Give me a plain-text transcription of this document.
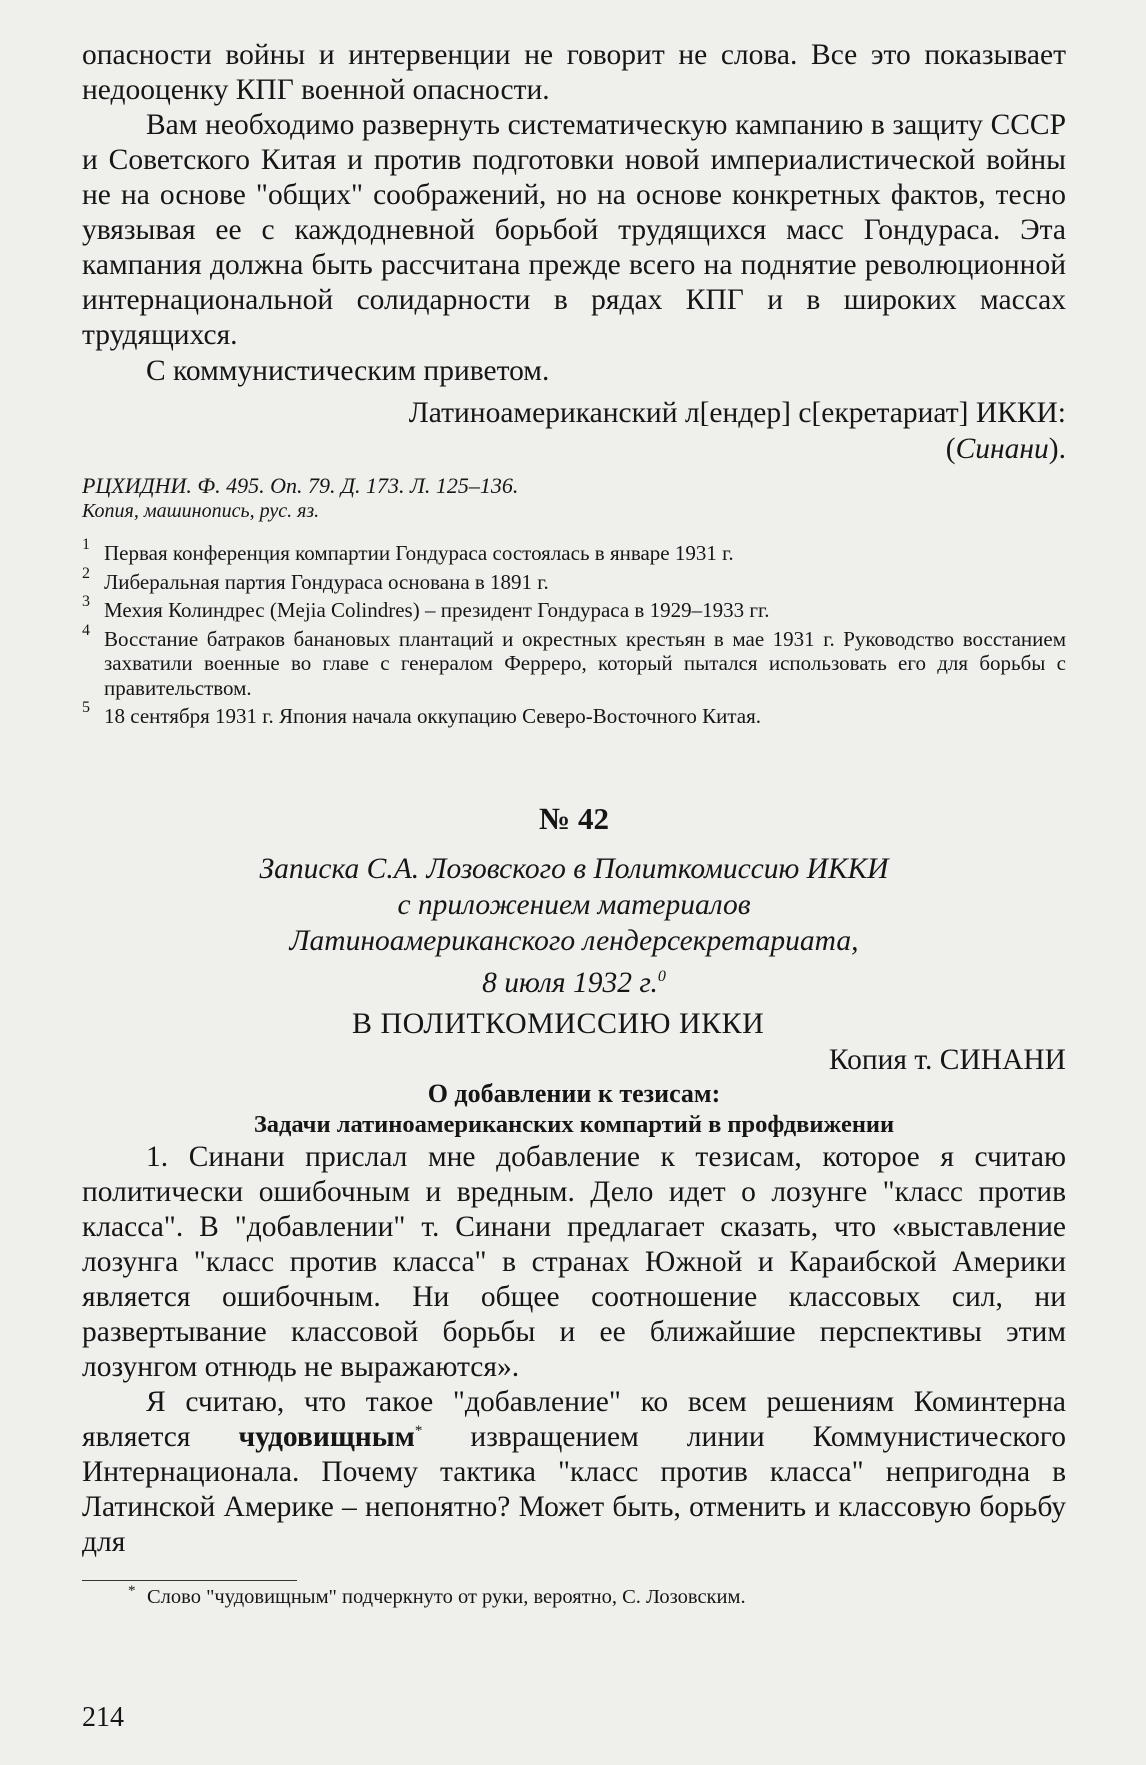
опасности войны и интервенции не говорит не слова. Все это показывает недооценку КПГ военной опасности.

Вам необходимо развернуть систематическую кампанию в защиту СССР и Советского Китая и против подготовки новой империалистической войны не на основе "общих" соображений, но на основе конкретных фактов, тесно увязывая ее с каждодневной борьбой трудящихся масс Гондураса. Эта кампания должна быть рассчитана прежде всего на поднятие революционной интернациональной солидарности в рядах КПГ и в широких массах трудящихся.

С коммунистическим приветом.

Латиноамериканский л[ендер] с[екретариат] ИККИ:

(Синани).

РЦХИДНИ. Ф. 495. Оп. 79. Д. 173. Л. 125–136.

Копия, машинопись, рус. яз.

1 Первая конференция компартии Гондураса состоялась в январе 1931 г.
2 Либеральная партия Гондураса основана в 1891 г.
3 Мехия Колиндрес (Mejia Colindres) – президент Гондураса в 1929–1933 гг.
4 Восстание батраков банановых плантаций и окрестных крестьян в мае 1931 г. Руководство восстанием захватили военные во главе с генералом Ферреро, который пытался использовать его для борьбы с правительством.
5 18 сентября 1931 г. Япония начала оккупацию Северо-Восточного Китая.

№ 42

Записка С.А. Лозовского в Политкомиссию ИККИ

с приложением материалов

Латиноамериканского лендерсекретариата,

8 июля 1932 г.$^0$

В ПОЛИТКОМИССИЮ ИККИ

Копия т. СИНАНИ

О добавлении к тезисам:

Задачи латиноамериканских компартий в профдвижении

1. Синани прислал мне добавление к тезисам, которое я считаю политически ошибочным и вредным. Дело идет о лозунге "класс против класса". В "добавлении" т. Синани предлагает сказать, что «выставление лозунга "класс против класса" в странах Южной и Караибской Америки является ошибочным. Ни общее соотношение классовых сил, ни развертывание классовой борьбы и ее ближайшие перспективы этим лозунгом отнюдь не выражаются».

Я считаю, что такое "добавление" ко всем решениям Коминтерна является чудовищным* извращением линии Коммунистического Интернационала. Почему тактика "класс против класса" непригодна в Латинской Америке – непонятно? Может быть, отменить и классовую борьбу для

* Слово "чудовищным" подчеркнуто от руки, вероятно, С. Лозовским.
214
